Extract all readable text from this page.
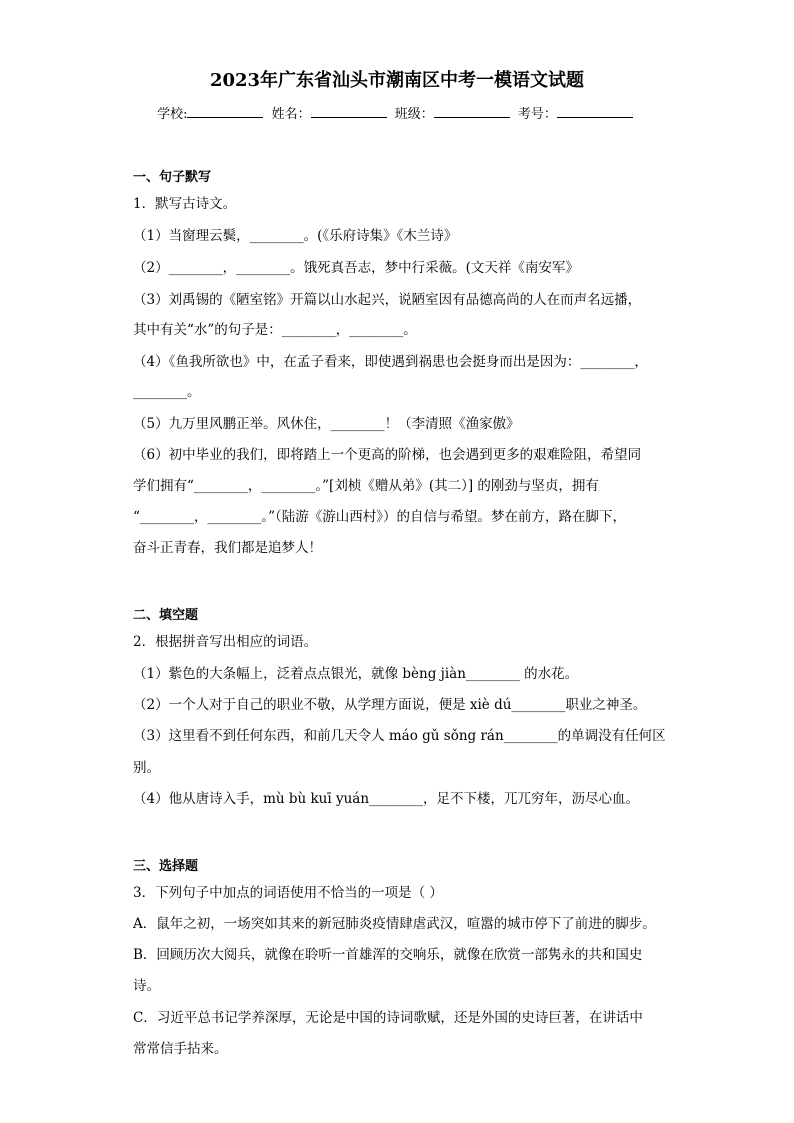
2023年广东省汕头市潮南区中考一模语文试题
学校:	姓名：	班级：	考号：
一、句子默写
1．默写古诗文。
（1）当窗理云鬓，________。(《乐府诗集》《木兰诗》
（2）________，________。饿死真吾志，梦中行采薇。(文天祥《南安军》
（3）刘禹锡的《陋室铭》开篇以山水起兴，说陋室因有品德高尚的人在而声名远播，
其中有关“水”的句子是：________，________。
（4）《鱼我所欲也》中，在孟子看来，即使遇到祸患也会挺身而出是因为：________，
________。
（5）九万里风鹏正举。风休住，________！（李清照《渔家傲》
（6）初中毕业的我们，即将踏上一个更高的阶梯，也会遇到更多的艰难险阻，希望同
学们拥有“________，________。”[刘桢《赠从弟》(其二）] 的刚劲与坚贞，拥有
“________，________。”（陆游《游山西村》）的自信与希望。梦在前方，路在脚下，
奋斗正青春，我们都是追梦人！
二、填空题
2．根据拼音写出相应的词语。
（1）紫色的大条幅上，泛着点点银光，就像 bèng jiàn________ 的水花。
（2）一个人对于自己的职业不敬，从学理方面说，便是 xiè dú________职业之神圣。
（3）这里看不到任何东西，和前几天令人 máo gǔ sǒng rán________的单调没有任何区
别。
（4）他从唐诗入手，mù bù kuī yuán________，足不下楼，兀兀穷年，沥尽心血。
三、选择题
3．下列句子中加点的词语使用不恰当的一项是（ ）
A．鼠年之初，一场突如其来的新冠肺炎疫情肆虐武汉，喧嚣的城市停下了前进的脚步。
B．回顾历次大阅兵，就像在聆听一首雄浑的交响乐，就像在欣赏一部隽永的共和国史
诗。
C．习近平总书记学养深厚，无论是中国的诗词歌赋，还是外国的史诗巨著，在讲话中
常常信手拈来。
